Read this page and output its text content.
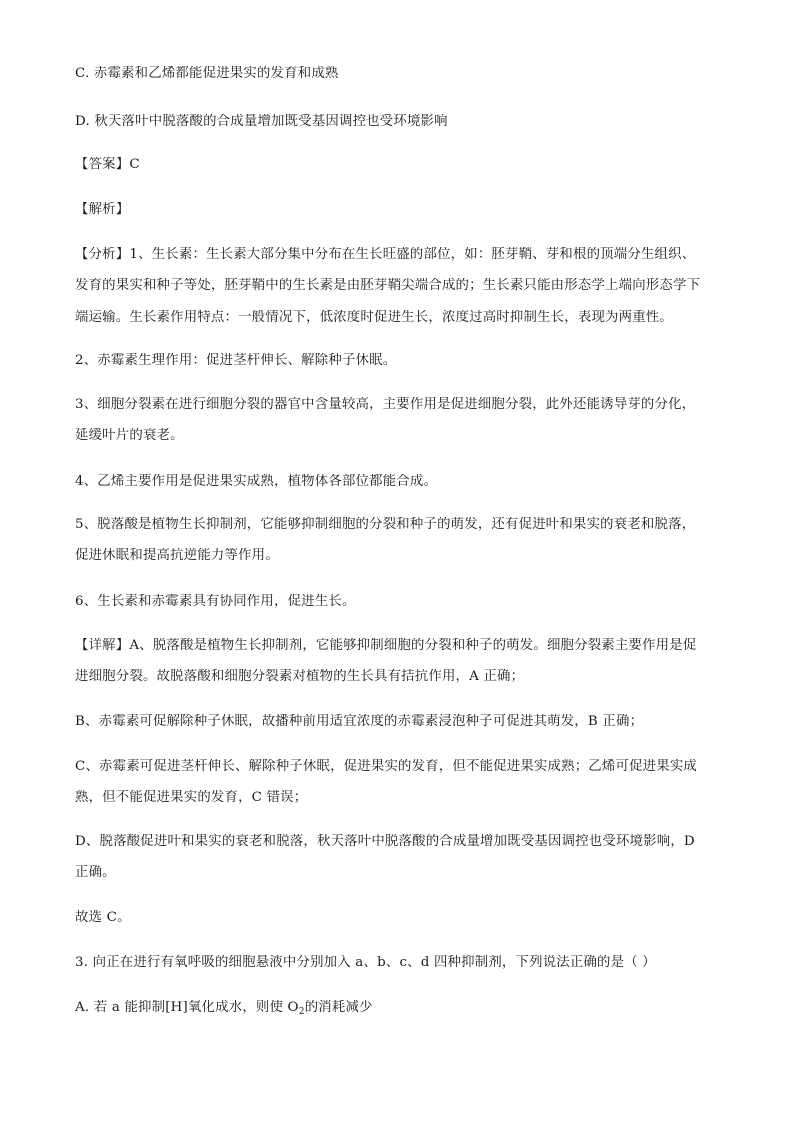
C. 赤霉素和乙烯都能促进果实的发育和成熟
D. 秋天落叶中脱落酸的合成量增加既受基因调控也受环境影响
【答案】C
【解析】
【分析】1、生长素：生长素大部分集中分布在生长旺盛的部位，如：胚芽鞘、芽和根的顶端分生组织、
发育的果实和种子等处，胚芽鞘中的生长素是由胚芽鞘尖端合成的；生长素只能由形态学上端向形态学下
端运输。生长素作用特点：一般情况下，低浓度时促进生长，浓度过高时抑制生长，表现为两重性。
2、赤霉素生理作用：促进茎杆伸长、解除种子休眠。
3、细胞分裂素在进行细胞分裂的器官中含量较高，主要作用是促进细胞分裂，此外还能诱导芽的分化，
延缓叶片的衰老。
4、乙烯主要作用是促进果实成熟，植物体各部位都能合成。
5、脱落酸是植物生长抑制剂，它能够抑制细胞的分裂和种子的萌发，还有促进叶和果实的衰老和脱落，
促进休眠和提高抗逆能力等作用。
6、生长素和赤霉素具有协同作用，促进生长。
【详解】A、脱落酸是植物生长抑制剂，它能够抑制细胞的分裂和种子的萌发。细胞分裂素主要作用是促
进细胞分裂。故脱落酸和细胞分裂素对植物的生长具有拮抗作用，A 正确；
B、赤霉素可促解除种子休眠，故播种前用适宜浓度的赤霉素浸泡种子可促进其萌发，B 正确；
C、赤霉素可促进茎杆伸长、解除种子休眠，促进果实的发育，但不能促进果实成熟；乙烯可促进果实成
熟，但不能促进果实的发育，C 错误；
D、脱落酸促进叶和果实的衰老和脱落，秋天落叶中脱落酸的合成量增加既受基因调控也受环境影响，D
正确。
故选 C。
3. 向正在进行有氧呼吸的细胞悬液中分别加入 a、b、c、d 四种抑制剂，下列说法正确的是（ ）
A. 若 a 能抑制[H]氧化成水，则使 $O_2$的消耗减少
